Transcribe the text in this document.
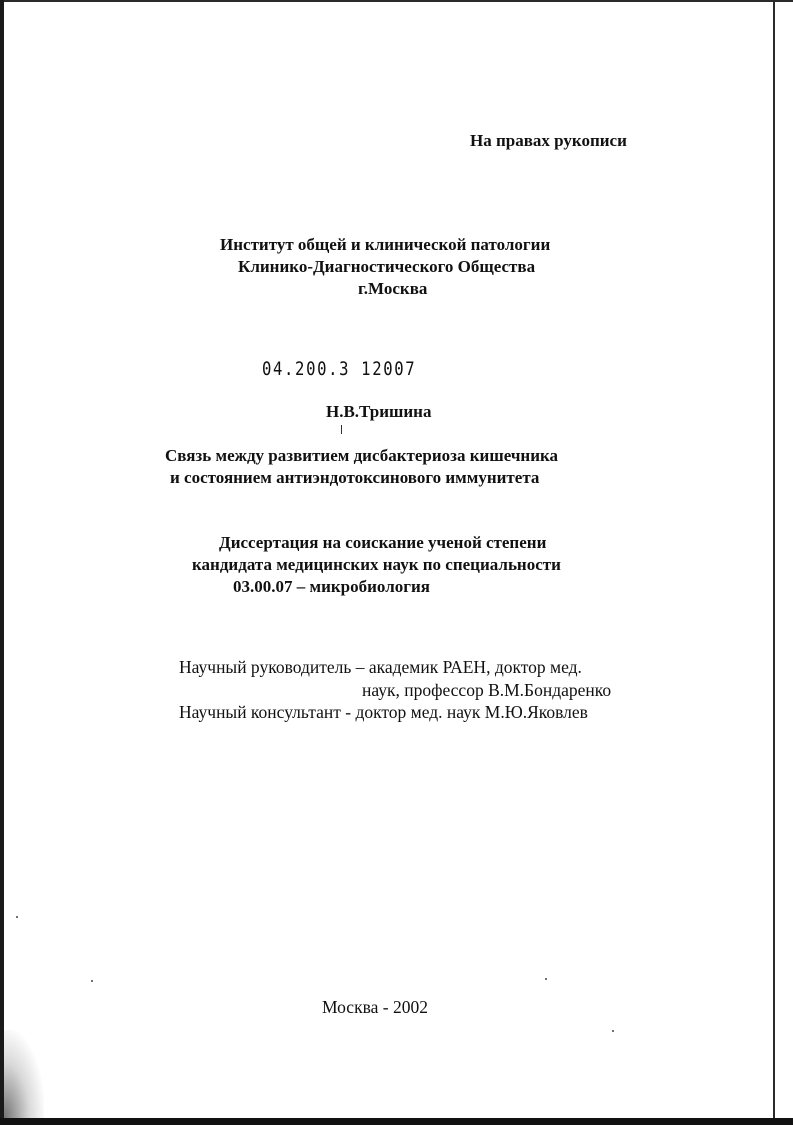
На правах рукописи
Институт общей и клинической патологии
Клинико-Диагностического Общества
г.Москва
04.200.3 12007
Н.В.Тришина
Связь между развитием дисбактериоза кишечника
и состоянием антиэндотоксинового иммунитета
Диссертация на соискание ученой степени
кандидата медицинских наук по специальности
03.00.07 – микробиология
Научный руководитель – академик РАЕН, доктор мед.
наук, профессор В.М.Бондаренко
Научный консультант - доктор мед. наук М.Ю.Яковлев
Москва - 2002
